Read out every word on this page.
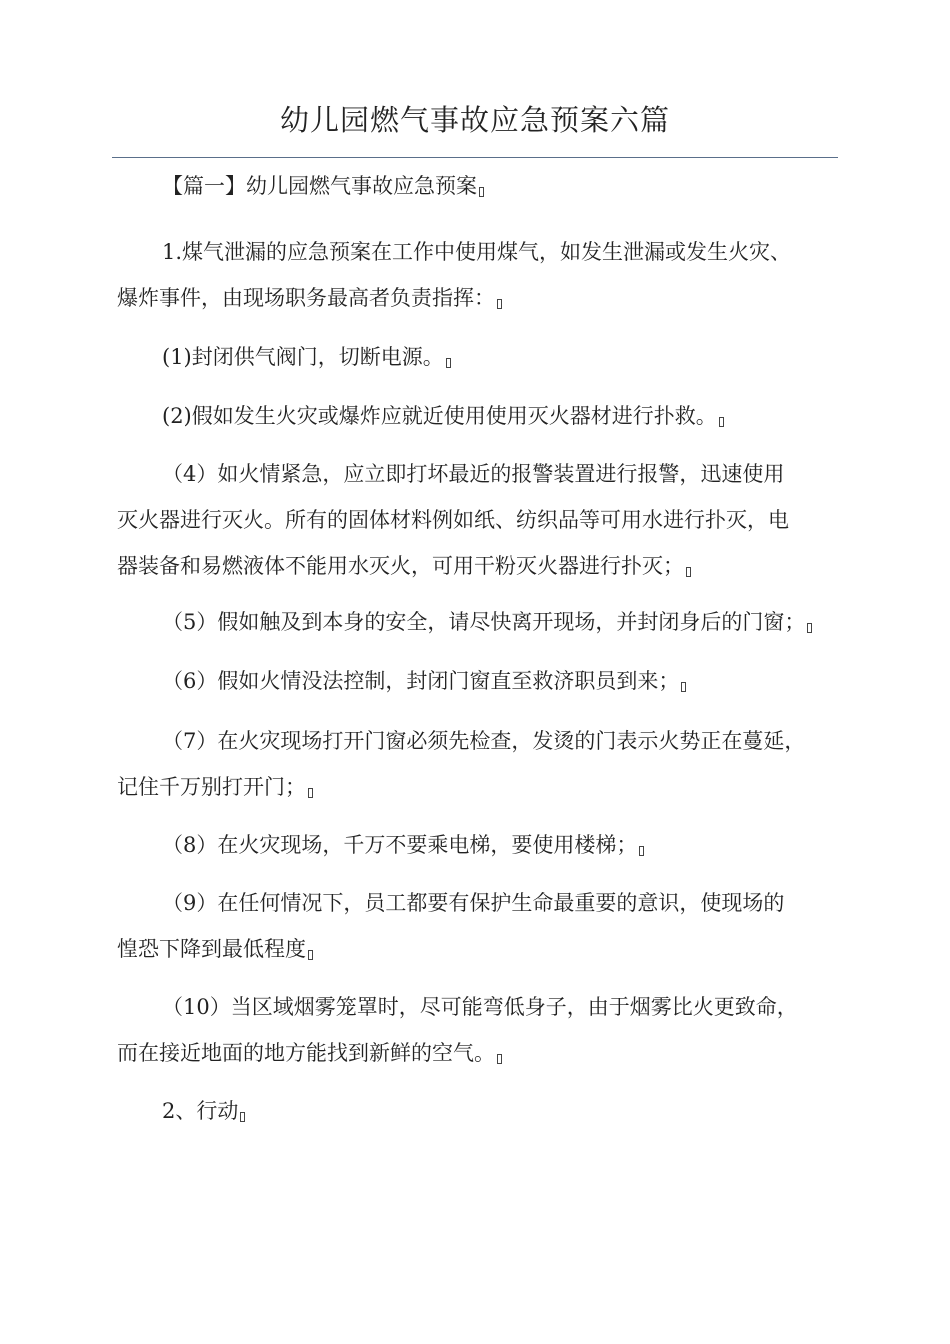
幼儿园燃气事故应急预案六篇
【篇一】幼儿园燃气事故应急预案
1.煤气泄漏的应急预案在工作中使用煤气，如发生泄漏或发生火灾、
爆炸事件，由现场职务最高者负责指挥：
(1)封闭供气阀门，切断电源。
(2)假如发生火灾或爆炸应就近使用使用灭火器材进行扑救。
（4）如火情紧急，应立即打坏最近的报警装置进行报警，迅速使用
灭火器进行灭火。所有的固体材料例如纸、纺织品等可用水进行扑灭，电
器装备和易燃液体不能用水灭火，可用干粉灭火器进行扑灭；
（5）假如触及到本身的安全，请尽快离开现场，并封闭身后的门窗；
（6）假如火情没法控制，封闭门窗直至救济职员到来；
（7）在火灾现场打开门窗必须先检查，发烫的门表示火势正在蔓延，
记住千万别打开门；
（8）在火灾现场，千万不要乘电梯，要使用楼梯；
（9）在任何情况下，员工都要有保护生命最重要的意识，使现场的
惶恐下降到最低程度
（10）当区域烟雾笼罩时，尽可能弯低身子，由于烟雾比火更致命，
而在接近地面的地方能找到新鲜的空气。
2、行动
